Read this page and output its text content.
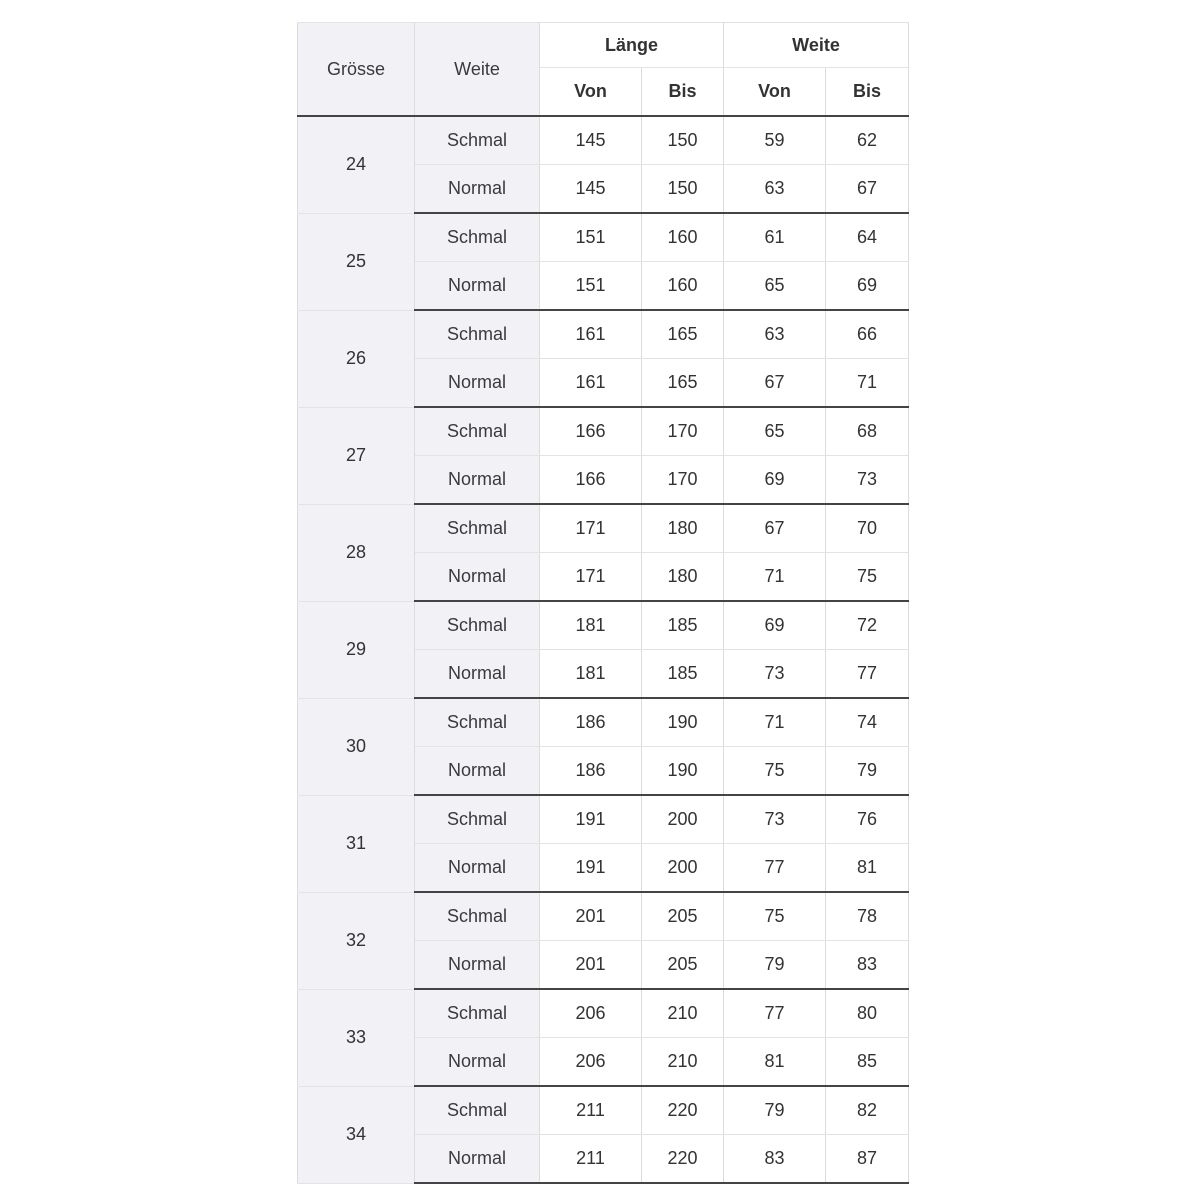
Grösse	Weite	Länge		Weite	
		Von	Bis	Von	Bis
24	Schmal	145	150	59	62
	Normal	145	150	63	67
25	Schmal	151	160	61	64
	Normal	151	160	65	69
26	Schmal	161	165	63	66
	Normal	161	165	67	71
27	Schmal	166	170	65	68
	Normal	166	170	69	73
28	Schmal	171	180	67	70
	Normal	171	180	71	75
29	Schmal	181	185	69	72
	Normal	181	185	73	77
30	Schmal	186	190	71	74
	Normal	186	190	75	79
31	Schmal	191	200	73	76
	Normal	191	200	77	81
32	Schmal	201	205	75	78
	Normal	201	205	79	83
33	Schmal	206	210	77	80
	Normal	206	210	81	85
34	Schmal	211	220	79	82
	Normal	211	220	83	87
